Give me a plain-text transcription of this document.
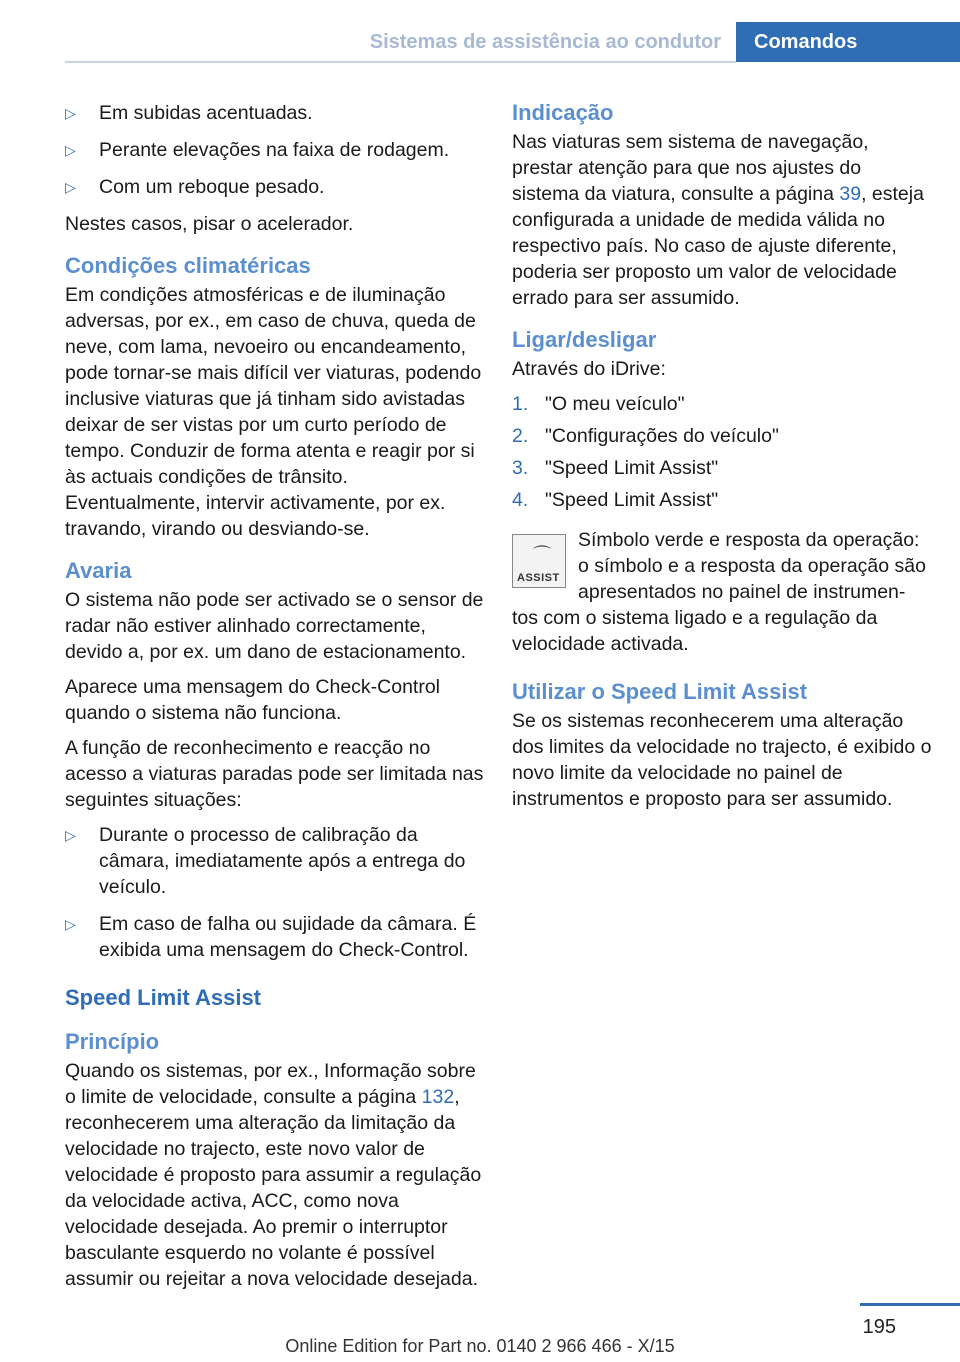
Sistemas de assistência ao condutor	Comandos
▷ Em subidas acentuadas.
▷ Perante elevações na faixa de rodagem.
▷ Com um reboque pesado.

Nestes casos, pisar o acelerador.

Condições climatéricas

Em condições atmosféricas e de iluminação adversas, por ex., em caso de chuva, queda de neve, com lama, nevoeiro ou encandeamento, pode tornar-se mais difícil ver viaturas, podendo inclusive viaturas que já tinham sido avistadas deixar de ser vistas por um curto período de tempo. Conduzir de forma atenta e reagir por si às actuais condições de trânsito. Eventualmente, intervir activamente, por ex. travando, virando ou desviando-se.

Avaria

O sistema não pode ser activado se o sensor de radar não estiver alinhado correctamente, devido a, por ex. um dano de estacionamento.

Aparece uma mensagem do Check-Control quando o sistema não funciona.

A função de reconhecimento e reacção no acesso a viaturas paradas pode ser limitada nas seguintes situações:

▷ Durante o processo de calibração da câmara, imediatamente após a entrega do veículo.
▷ Em caso de falha ou sujidade da câmara. É exibida uma mensagem do Check-Control.
Speed Limit Assist
Princípio

Quando os sistemas, por ex., Informação sobre o limite de velocidade, consulte a página 132, reconhecerem uma alteração da limitação da velocidade no trajecto, este novo valor de velocidade é proposto para assumir a regulação da velocidade activa, ACC, como nova velocidade desejada. Ao premir o interruptor basculante esquerdo no volante é possível assumir ou rejeitar a nova velocidade desejada.

Indicação

Nas viaturas sem sistema de navegação, prestar atenção para que nos ajustes do sistema da viatura, consulte a página 39, esteja configurada a unidade de medida válida no respectivo país. No caso de ajuste diferente, poderia ser proposto um valor de velocidade errado para ser assumido.

Ligar/desligar

Através do iDrive:

1. "O meu veículo"
2. "Configurações do veículo"
3. "Speed Limit Assist"
4. "Speed Limit Assist"
⌒
ASSIST
Símbolo verde e resposta da operação: o símbolo e a resposta da operação são apresentados no painel de instrumen-
tos com o sistema ligado e a regulação da velocidade activada.
Utilizar o Speed Limit Assist

Se os sistemas reconhecerem uma alteração dos limites da velocidade no trajecto, é exibido o novo limite da velocidade no painel de instrumentos e proposto para ser assumido.

195
Online Edition for Part no. 0140 2 966 466 - X/15
